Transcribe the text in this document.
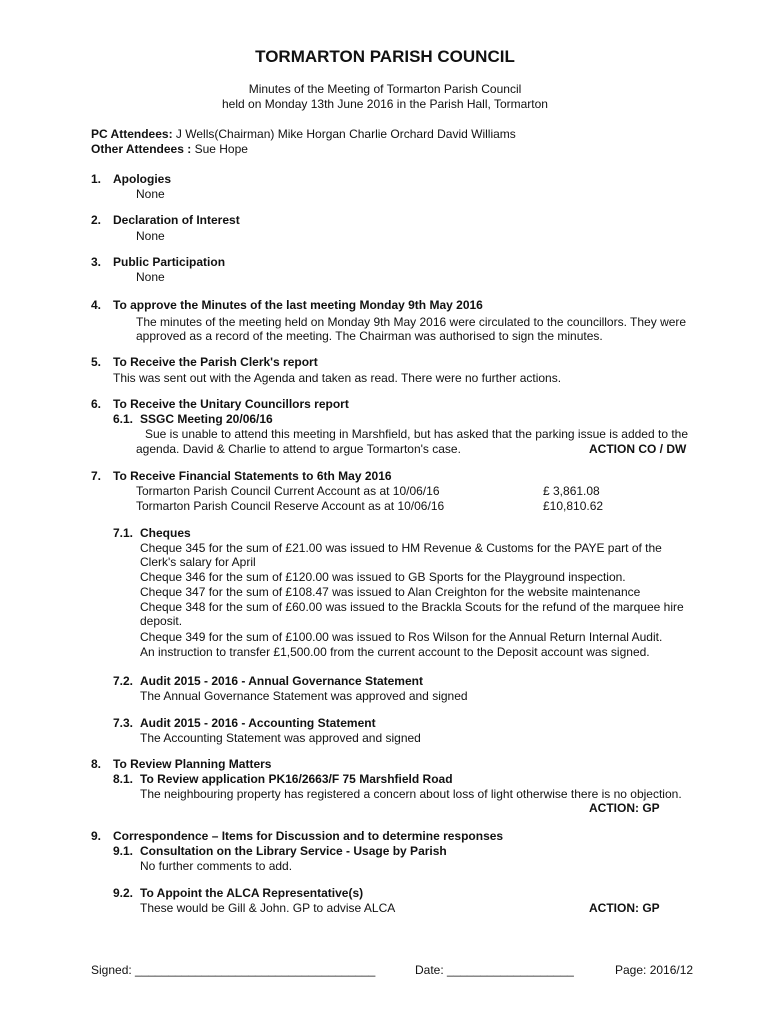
TORMARTON PARISH COUNCIL
Minutes of the Meeting of Tormarton Parish Council
held on Monday 13th June 2016 in the Parish Hall, Tormarton
PC Attendees: J Wells(Chairman) Mike Horgan Charlie Orchard David Williams
Other Attendees : Sue Hope
1. Apologies
None
2. Declaration of Interest
None
3. Public Participation
None
4. To approve the Minutes of the last meeting Monday 9th May 2016
The minutes of the meeting held on Monday 9th May 2016 were circulated to the councillors. They were
approved as a record of the meeting. The Chairman was authorised to sign the minutes.
5. To Receive the Parish Clerk's report
This was sent out with the Agenda and taken as read. There were no further actions.
6. To Receive the Unitary Councillors report
6.1. SSGC Meeting 20/06/16
Sue is unable to attend this meeting in Marshfield, but has asked that the parking issue is added to the
agenda. David & Charlie to attend to argue Tormarton's case.	ACTION CO / DW
7. To Receive Financial Statements to 6th May 2016
Tormarton Parish Council Current Account as at 10/06/16	£ 3,861.08
Tormarton Parish Council Reserve Account as at 10/06/16	£10,810.62
7.1. Cheques
Cheque 345 for the sum of £21.00 was issued to HM Revenue & Customs for the PAYE part of the
Clerk's salary for April
Cheque 346 for the sum of £120.00 was issued to GB Sports for the Playground inspection.
Cheque 347 for the sum of £108.47 was issued to Alan Creighton for the website maintenance
Cheque 348 for the sum of £60.00 was issued to the Brackla Scouts for the refund of the marquee hire
deposit.
Cheque 349 for the sum of £100.00 was issued to Ros Wilson for the Annual Return Internal Audit.
An instruction to transfer £1,500.00 from the current account to the Deposit account was signed.
7.2. Audit 2015 - 2016 - Annual Governance Statement
The Annual Governance Statement was approved and signed
7.3. Audit 2015 - 2016 - Accounting Statement
The Accounting Statement was approved and signed
8. To Review Planning Matters
8.1. To Review application PK16/2663/F 75 Marshfield Road
The neighbouring property has registered a concern about loss of light otherwise there is no objection.
ACTION: GP
9. Correspondence – Items for Discussion and to determine responses
9.1. Consultation on the Library Service - Usage by Parish
No further comments to add.
9.2. To Appoint the ALCA Representative(s)
These would be Gill & John. GP to advise ALCA	ACTION: GP
Signed: ____________________________________	Date: ___________________	Page: 2016/12
